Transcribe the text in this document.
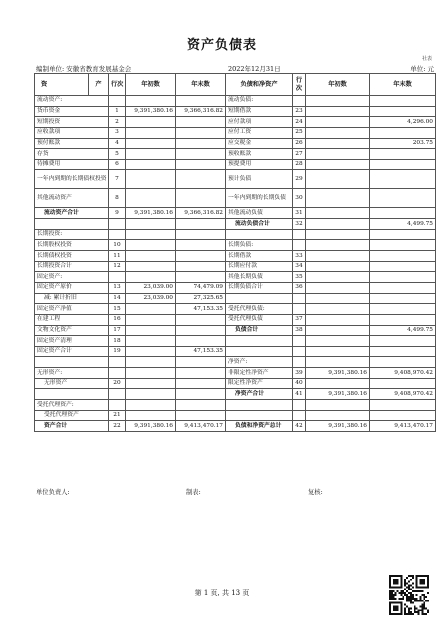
资产负债表
社表
编制单位: 安徽省教育发展基金会	2022年12月31日	单位: 元
资	产	行次	年初数	年末数	负债和净资产	行次	年初数	年末数
流动资产:					流动负债:			
货币资金		1	9,391,380.16	9,366,316.82	短期借款	23		
短期投资		2			应付款项	24		4,296.00
应收款项		3			应付工资	25		
预付账款		4			应交税金	26		203.75
存货		5			预收账款	27		
待摊费用		6			预提费用	28		
一年内到期的长期债权投资		7			预计负债	29		
其他流动资产		8			一年内到期的长期负债	30		
流动资产合计		9	9,391,380.16	9,366,316.82	其他流动负债	31		
					流动负债合计	32		4,499.75
长期投资:								
长期股权投资		10			长期负债:			
长期债权投资		11			长期借款	33		
长期投资合计		12			长期应付款	34		
固定资产:					其他长期负债	35		
固定资产原价		13	23,039.00	74,479.09	长期负债合计	36		
减: 累计折旧		14	23,039.00	27,325.65				
固定资产净值		15		47,153.35	受托代理负债:			
在建工程		16			受托代理负债	37		
文物文化资产		17			负债合计	38		4,499.75
固定资产清理		18						
固定资产合计		19		47,153.35				
					净资产:			
无形资产:					非限定性净资产	39	9,391,380.16	9,408,970.42
无形资产		20			限定性净资产	40		
					净资产合计	41	9,391,380.16	9,408,970.42
受托代理资产:								
受托代理资产		21						
资产合计		22	9,391,380.16	9,413,470.17	负债和净资产总计	42	9,391,380.16	9,413,470.17
单位负责人:	制表:	复核:
第 1 页, 共 13 页
